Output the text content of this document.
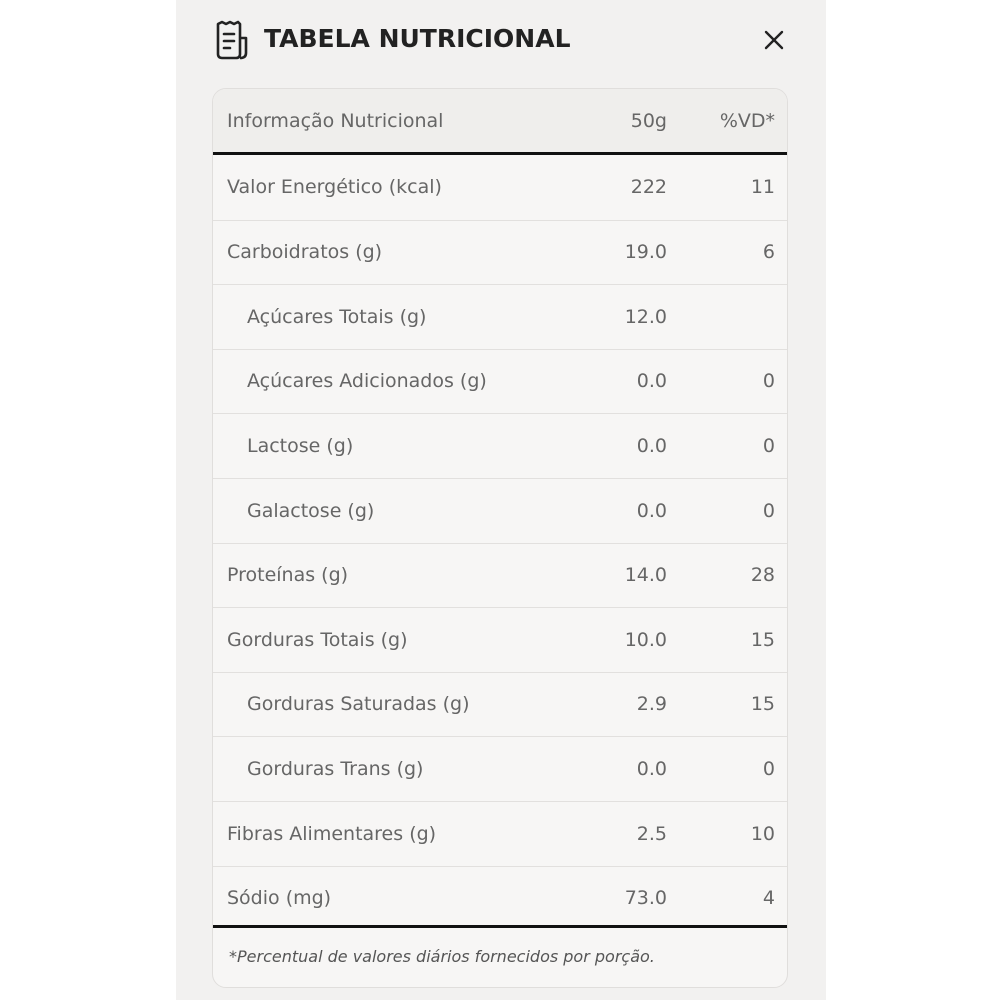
TABELA NUTRICIONAL
Informação Nutricional	50g	%VD*
Valor Energético (kcal)	222	11
Carboidratos (g)	19.0	6
Açúcares Totais (g)	12.0
Açúcares Adicionados (g)	0.0	0
Lactose (g)	0.0	0
Galactose (g)	0.0	0
Proteínas (g)	14.0	28
Gorduras Totais (g)	10.0	15
Gorduras Saturadas (g)	2.9	15
Gorduras Trans (g)	0.0	0
Fibras Alimentares (g)	2.5	10
Sódio (mg)	73.0	4
*Percentual de valores diários fornecidos por porção.
